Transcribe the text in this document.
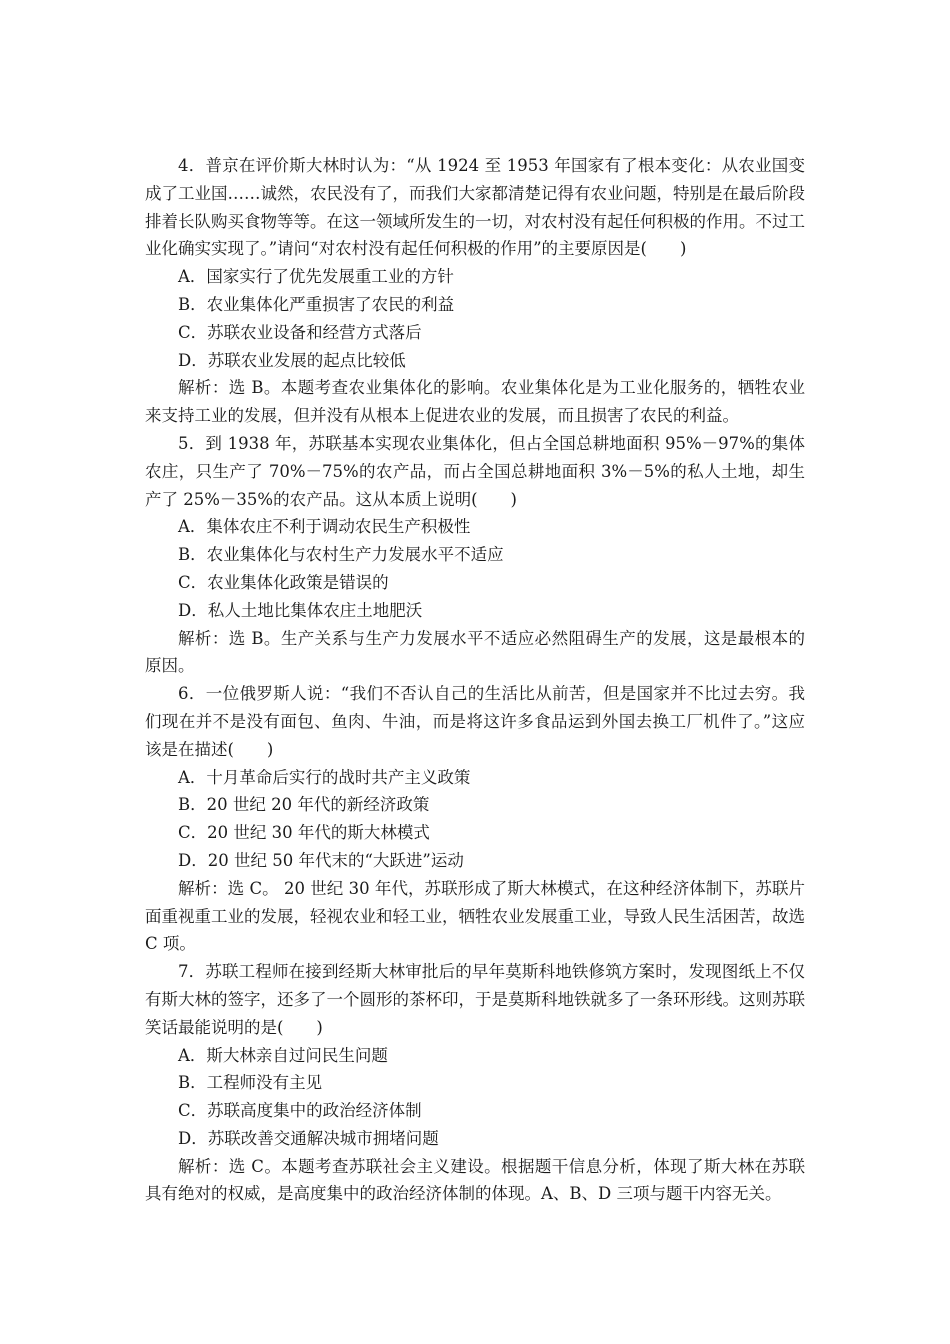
4．普京在评价斯大林时认为：“从 1924 至 1953 年国家有了根本变化：从农业国变成了工业国……诚然，农民没有了，而我们大家都清楚记得有农业问题，特别是在最后阶段排着长队购买食物等等。在这一领域所发生的一切，对农村没有起任何积极的作用。不过工业化确实实现了。”请问“对农村没有起任何积极的作用”的主要原因是(　　)

A．国家实行了优先发展重工业的方针

B．农业集体化严重损害了农民的利益

C．苏联农业设备和经营方式落后

D．苏联农业发展的起点比较低

解析：选 B。本题考查农业集体化的影响。农业集体化是为工业化服务的，牺牲农业来支持工业的发展，但并没有从根本上促进农业的发展，而且损害了农民的利益。

5．到 1938 年，苏联基本实现农业集体化，但占全国总耕地面积 95%－97%的集体农庄，只生产了 70%－75%的农产品，而占全国总耕地面积 3%－5%的私人土地，却生产了 25%－35%的农产品。这从本质上说明(　　)

A．集体农庄不利于调动农民生产积极性

B．农业集体化与农村生产力发展水平不适应

C．农业集体化政策是错误的

D．私人土地比集体农庄土地肥沃

解析：选 B。生产关系与生产力发展水平不适应必然阻碍生产的发展，这是最根本的原因。

6．一位俄罗斯人说：“我们不否认自己的生活比从前苦，但是国家并不比过去穷。我们现在并不是没有面包、鱼肉、牛油，而是将这许多食品运到外国去换工厂机件了。”这应该是在描述(　　)

A．十月革命后实行的战时共产主义政策

B．20 世纪 20 年代的新经济政策

C．20 世纪 30 年代的斯大林模式

D．20 世纪 50 年代末的“大跃进”运动

解析：选 C。 20 世纪 30 年代，苏联形成了斯大林模式，在这种经济体制下，苏联片面重视重工业的发展，轻视农业和轻工业，牺牲农业发展重工业，导致人民生活困苦，故选 C 项。

7．苏联工程师在接到经斯大林审批后的早年莫斯科地铁修筑方案时，发现图纸上不仅有斯大林的签字，还多了一个圆形的茶杯印，于是莫斯科地铁就多了一条环形线。这则苏联笑话最能说明的是(　　)

A．斯大林亲自过问民生问题

B．工程师没有主见

C．苏联高度集中的政治经济体制

D．苏联改善交通解决城市拥堵问题

解析：选 C。本题考查苏联社会主义建设。根据题干信息分析，体现了斯大林在苏联具有绝对的权威，是高度集中的政治经济体制的体现。A、B、D 三项与题干内容无关。
